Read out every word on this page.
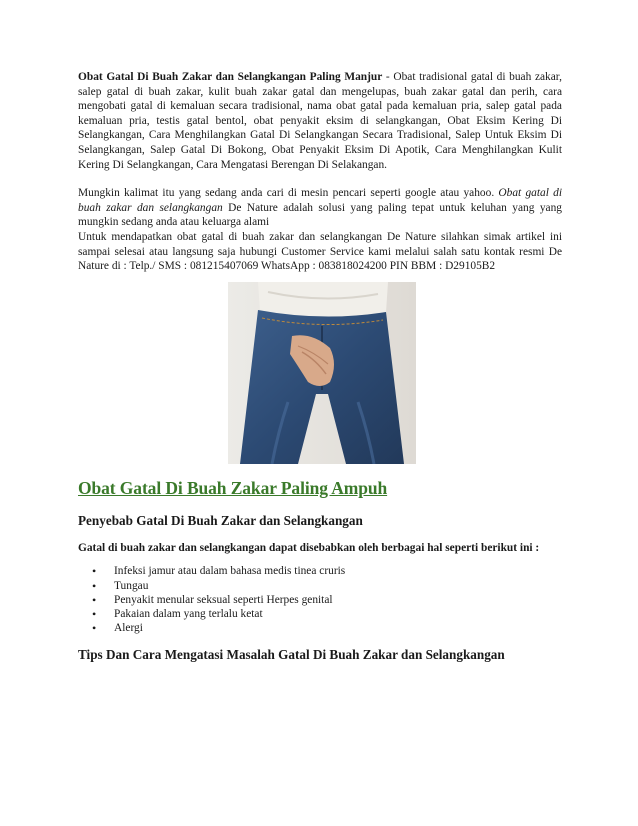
Obat Gatal Di Buah Zakar dan Selangkangan Paling Manjur - Obat tradisional gatal di buah zakar, salep gatal di buah zakar, kulit buah zakar gatal dan mengelupas, buah zakar gatal dan perih, cara mengobati gatal di kemaluan secara tradisional, nama obat gatal pada kemaluan pria, salep gatal pada kemaluan pria, testis gatal bentol, obat penyakit eksim di selangkangan, Obat Eksim Kering Di Selangkangan, Cara Menghilangkan Gatal Di Selangkangan Secara Tradisional, Salep Untuk Eksim Di Selangkangan, Salep Gatal Di Bokong, Obat Penyakit Eksim Di Apotik, Cara Menghilangkan Kulit Kering Di Selangkangan, Cara Mengatasi Berengan Di Selakangan.

Mungkin kalimat itu yang sedang anda cari di mesin pencari seperti google atau yahoo. Obat gatal di buah zakar dan selangkangan De Nature adalah solusi yang paling tepat untuk keluhan yang yang mungkin sedang anda atau keluarga alami

Untuk mendapatkan obat gatal di buah zakar dan selangkangan De Nature silahkan simak artikel ini sampai selesai atau langsung saja hubungi Customer Service kami melalui salah satu kontak resmi De Nature di : Telp./ SMS : 081215407069 WhatsApp : 083818024200 PIN BBM : D29105B2

Obat Gatal Di Buah Zakar Paling Ampuh
Penyebab Gatal Di Buah Zakar dan Selangkangan

Gatal di buah zakar dan selangkangan dapat disebabkan oleh berbagai hal seperti berikut ini :

• Infeksi jamur atau dalam bahasa medis tinea cruris
• Tungau
• Penyakit menular seksual seperti Herpes genital
• Pakaian dalam yang terlalu ketat
• Alergi
Tips Dan Cara Mengatasi Masalah Gatal Di Buah Zakar dan Selangkangan
